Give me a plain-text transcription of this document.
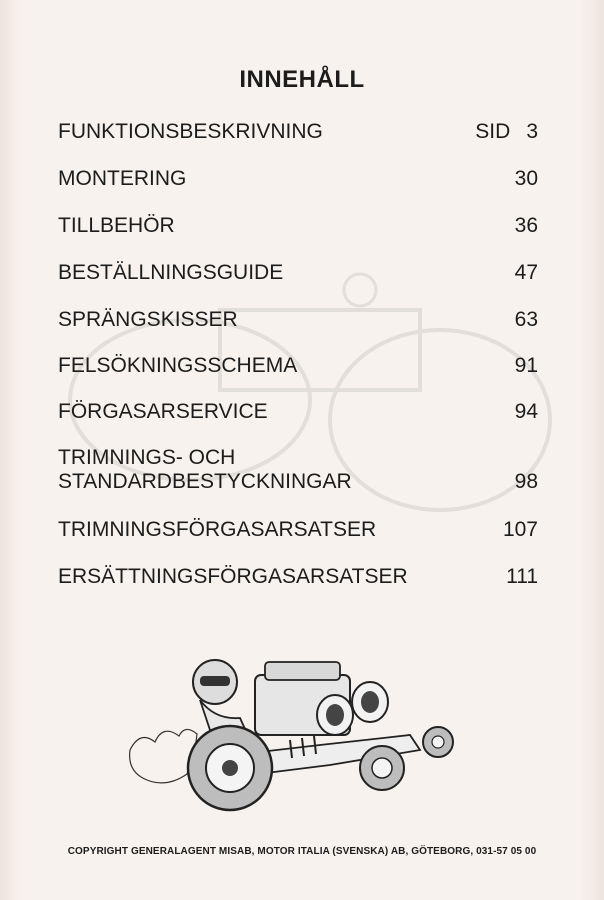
INNEHÅLL
FUNKTIONSBESKRIVNING	SID 3
MONTERING	30
TILLBEHÖR	36
BESTÄLLNINGSGUIDE	47
SPRÄNGSKISSER	63
FELSÖKNINGSSCHEMA	91
FÖRGASARSERVICE	94
TRIMNINGS- OCH
STANDARDBESTYCKNINGAR	98
TRIMNINGSFÖRGASARSATSER	107
ERSÄTTNINGSFÖRGASARSATSER	111
COPYRIGHT GENERALAGENT MISAB, MOTOR ITALIA (SVENSKA) AB, GÖTEBORG, 031-57 05 00
